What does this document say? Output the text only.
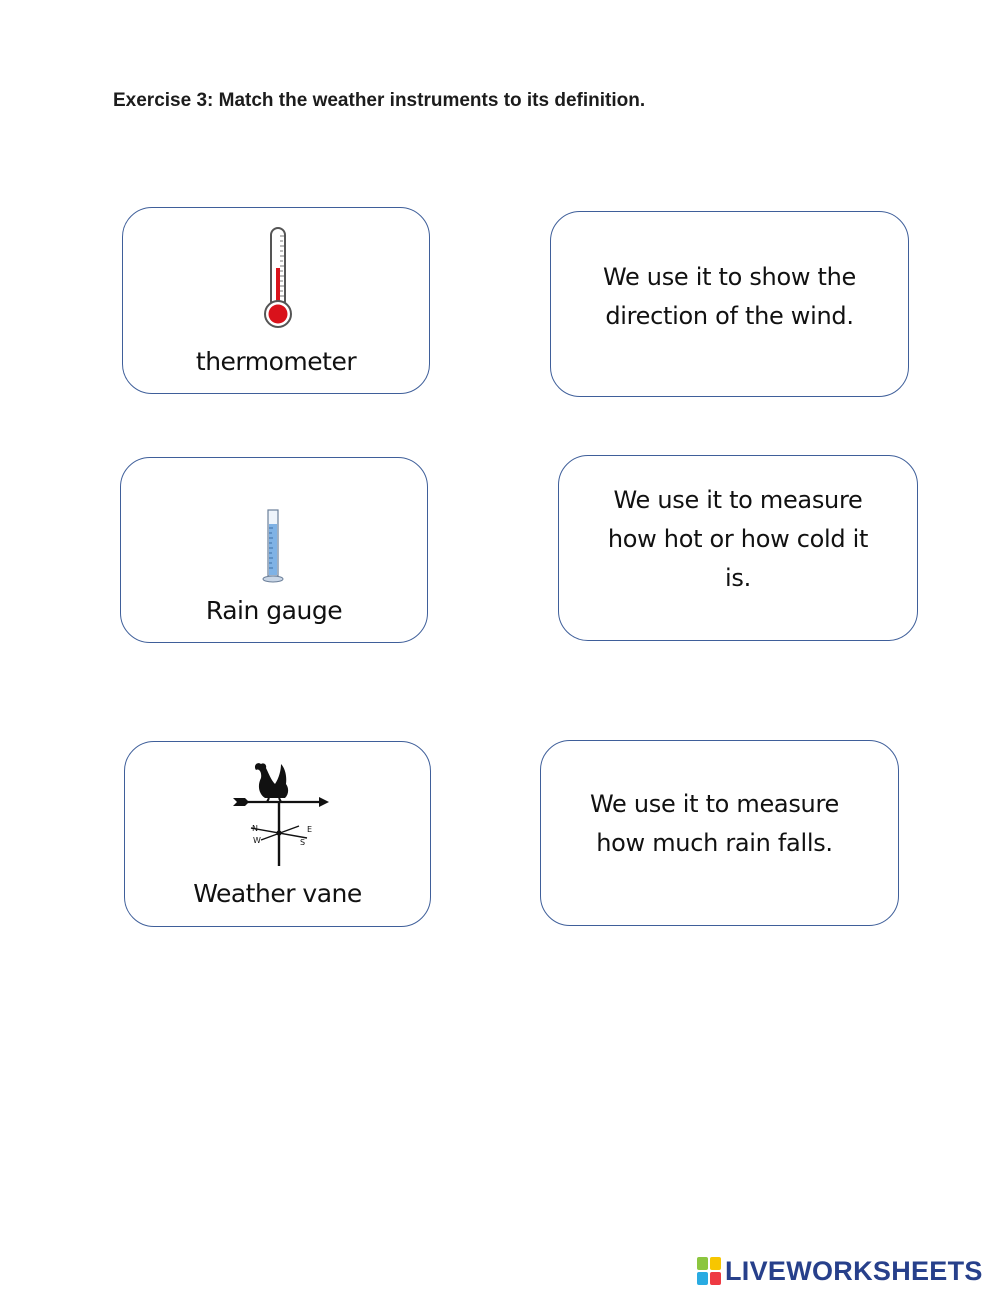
Exercise 3: Match the weather instruments to its definition.
thermometer
Rain gauge
N
W
E
S
Weather vane
We use it to show the
direction of the wind.
We use it to measure
how hot or how cold it
is.
We use it to measure
how much rain falls.
LIVEWORKSHEETS
